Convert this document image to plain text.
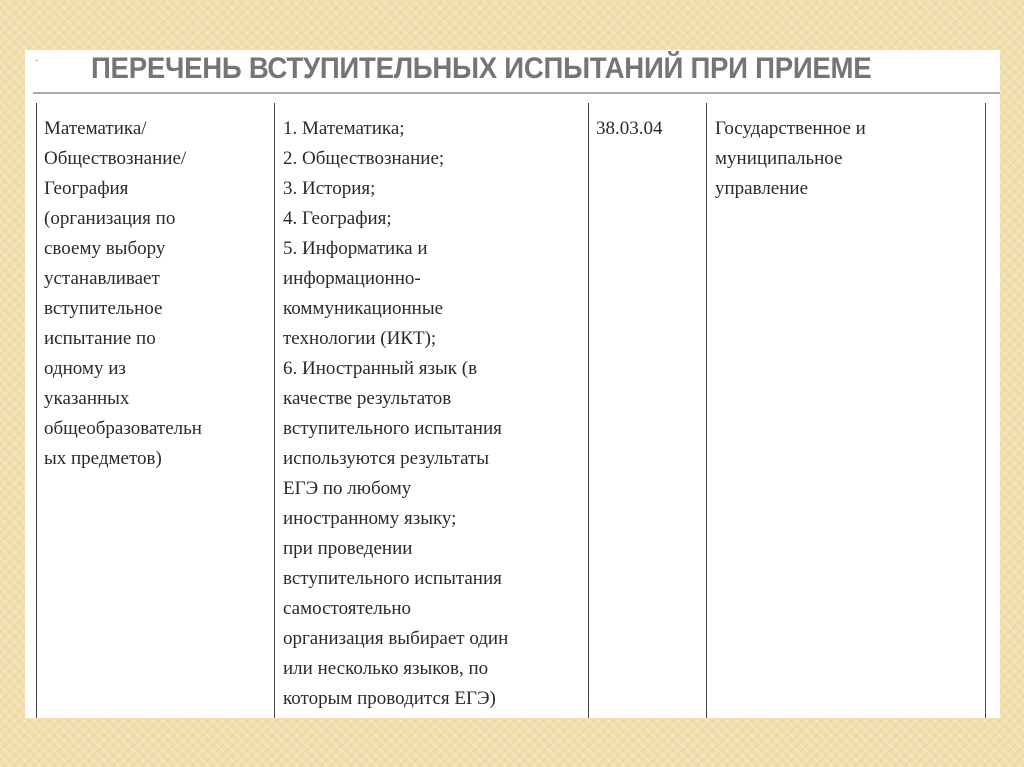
˙ ПЕРЕЧЕНЬ ВСТУПИТЕЛЬНЫХ ИСПЫТАНИЙ ПРИ ПРИЕМЕ
Математика/
Обществознание/
География
(организация по
своему выбору
устанавливает
вступительное
испытание по
одному из
указанных
общеобразовательн
ых предметов)
1. Математика;
2. Обществознание;
3. История;
4. География;
5. Информатика и
информационно-
коммуникационные
технологии (ИКТ);
6. Иностранный язык (в
качестве результатов
вступительного испытания
используются результаты
ЕГЭ по любому
иностранному языку;
при проведении
вступительного испытания
самостоятельно
организация выбирает один
или несколько языков, по
которым проводится ЕГЭ)
38.03.04	Государственное и
муниципальное
управление
